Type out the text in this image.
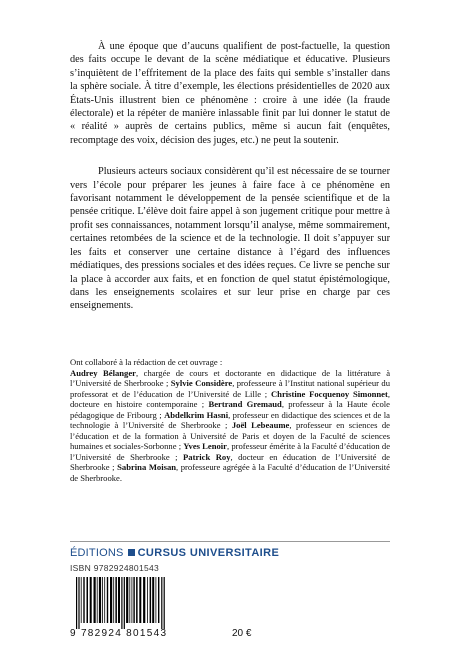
À une époque que d’aucuns qualifient de post-factuelle, la question des faits occupe le devant de la scène médiatique et éducative. Plusieurs s’inquiètent de l’effritement de la place des faits qui semble s’installer dans la sphère sociale. À titre d’exemple, les élections présidentielles de 2020 aux États-Unis illustrent bien ce phénomène : croire à une idée (la fraude électorale) et la répéter de manière inlassable finit par lui donner le statut de « réalité » auprès de certains publics, même si aucun fait (enquêtes, recomptage des voix, décision des juges, etc.) ne peut la soutenir.

Plusieurs acteurs sociaux considèrent qu’il est nécessaire de se tourner vers l’école pour préparer les jeunes à faire face à ce phénomène en favorisant notamment le développement de la pensée scientifique et de la pensée critique. L’élève doit faire appel à son jugement critique pour mettre à profit ses connaissances, notamment lorsqu’il analyse, même sommairement, certaines retombées de la science et de la technologie. Il doit s’appuyer sur les faits et conserver une certaine distance à l’égard des influences médiatiques, des pressions sociales et des idées reçues. Ce livre se penche sur la place à accorder aux faits, et en fonction de quel statut épistémologique, dans les enseignements scolaires et sur leur prise en charge par ces enseignements.

Ont collaboré à la rédaction de cet ouvrage :
Audrey Bélanger, chargée de cours et doctorante en didactique de la littérature à l’Université de Sherbrooke ; Sylvie Considère, professeure à l’Institut national supérieur du professorat et de l’éducation de l’Université de Lille ; Christine Focquenoy Simonnet, docteure en histoire contemporaine ; Bertrand Gremaud, professeur à la Haute école pédagogique de Fribourg ; Abdelkrim Hasni, professeur en didactique des sciences et de la technologie à l’Université de Sherbrooke ; Joël Lebeaume, professeur en sciences de l’éducation et de la formation à Université de Paris et doyen de la Faculté de sciences humaines et sociales-Sorbonne ; Yves Lenoir, professeur émérite à la Faculté d’éducation de l’Université de Sherbrooke ; Patrick Roy, docteur en éducation de l’Université de Sherbrooke ; Sabrina Moisan, professeure agrégée à la Faculté d’éducation de l’Université de Sherbrooke.
ÉDITIONS CURSUS UNIVERSITAIRE
ISBN 9782924801543
9 782924 801543	20 €
